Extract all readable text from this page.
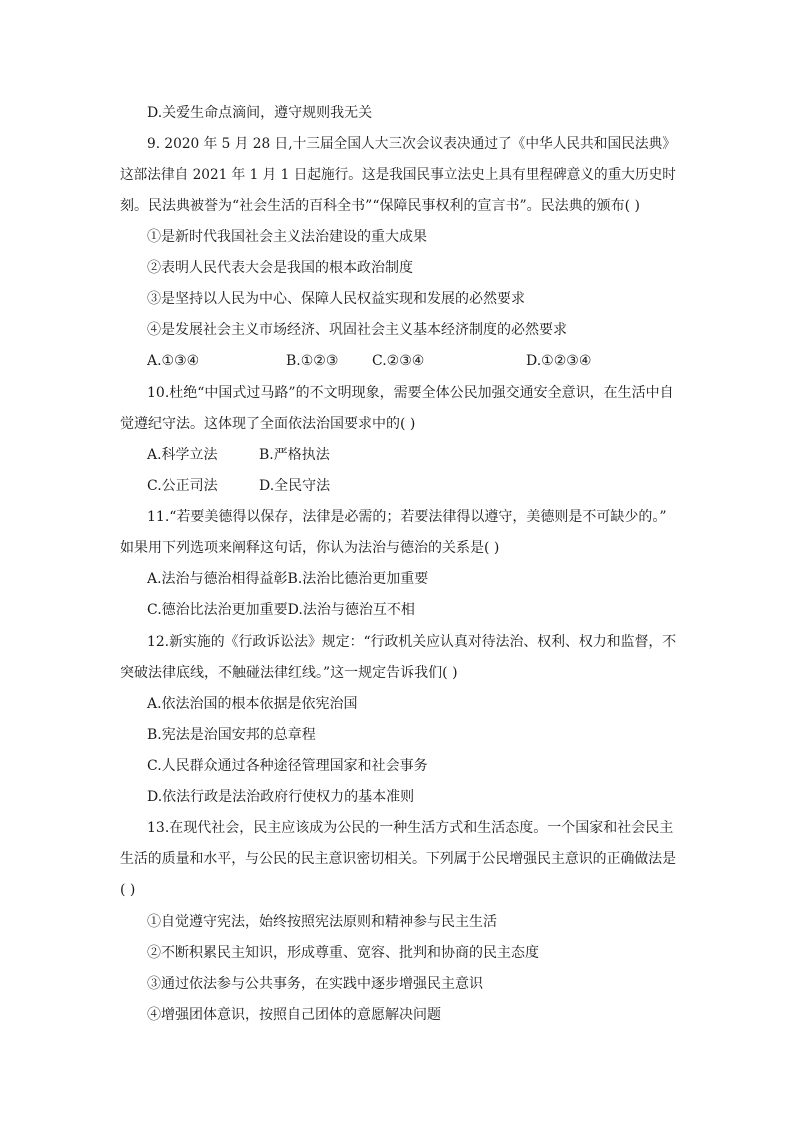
D.关爱生命点滴间，遵守规则我无关
9. 2020 年 5 月 28 日,十三届全国人大三次会议表决通过了《中华人民共和国民法典》
这部法律自 2021 年 1 月 1 日起施行。这是我国民事立法史上具有里程碑意义的重大历史时
刻。民法典被誉为“社会生活的百科全书”“保障民事权利的宣言书”。民法典的颁布( )
①是新时代我国社会主义法治建设的重大成果
②表明人民代表大会是我国的根本政治制度
③是坚持以人民为中心、保障人民权益实现和发展的必然要求
④是发展社会主义市场经济、巩固社会主义基本经济制度的必然要求
A.①③④	B.①②③ C.②③④	D.①②③④
10.杜绝“中国式过马路”的不文明现象，需要全体公民加强交通安全意识，在生活中自
觉遵纪守法。这体现了全面依法治国要求中的( )
A.科学立法	B.严格执法
C.公正司法	D.全民守法
11.“若要美德得以保存，法律是必需的；若要法律得以遵守，美德则是不可缺少的。”
如果用下列选项来阐释这句话，你认为法治与德治的关系是( )
A.法治与德治相得益彰B.法治比德治更加重要
C.德治比法治更加重要D.法治与德治互不相
12.新实施的《行政诉讼法》规定：“行政机关应认真对待法治、权利、权力和监督，不
突破法律底线，不触碰法律红线。”这一规定告诉我们( )
A.依法治国的根本依据是依宪治国
B.宪法是治国安邦的总章程
C.人民群众通过各种途径管理国家和社会事务
D.依法行政是法治政府行使权力的基本准则
13.在现代社会，民主应该成为公民的一种生活方式和生活态度。一个国家和社会民主
生活的质量和水平，与公民的民主意识密切相关。下列属于公民增强民主意识的正确做法是
( )
①自觉遵守宪法，始终按照宪法原则和精神参与民主生活
②不断积累民主知识，形成尊重、宽容、批判和协商的民主态度
③通过依法参与公共事务，在实践中逐步增强民主意识
④增强团体意识，按照自己团体的意愿解决问题
